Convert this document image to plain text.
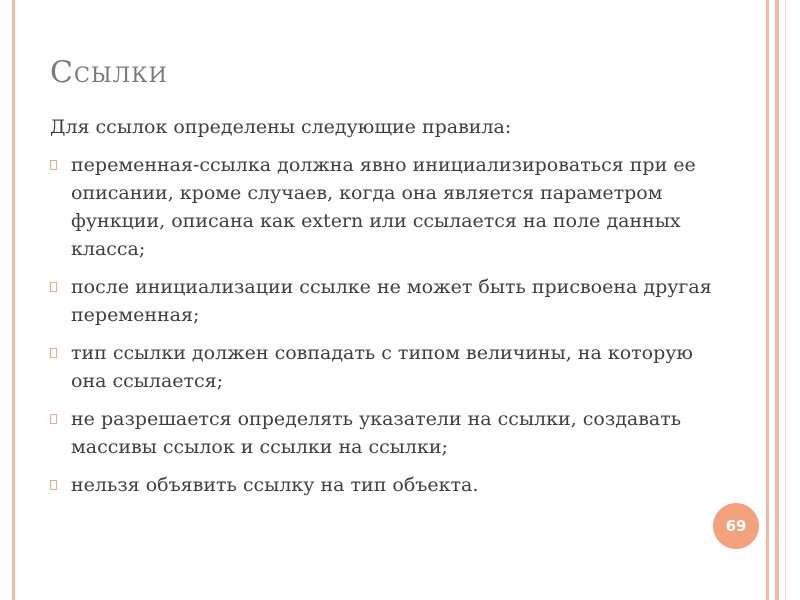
Ссылки

Для ссылок определены следующие правила:

переменная-ссылка должна явно инициализироваться при ее описании, кроме случаев, когда она является параметром функции, описана как extern или ссылается на поле данных класса;
после инициализации ссылке не может быть присвоена другая переменная;
тип ссылки должен совпадать с типом величины, на которую она ссылается;
не разрешается определять указатели на ссылки, создавать массивы ссылок и ссылки на ссылки;
нельзя объявить ссылку на тип объекта.
69
